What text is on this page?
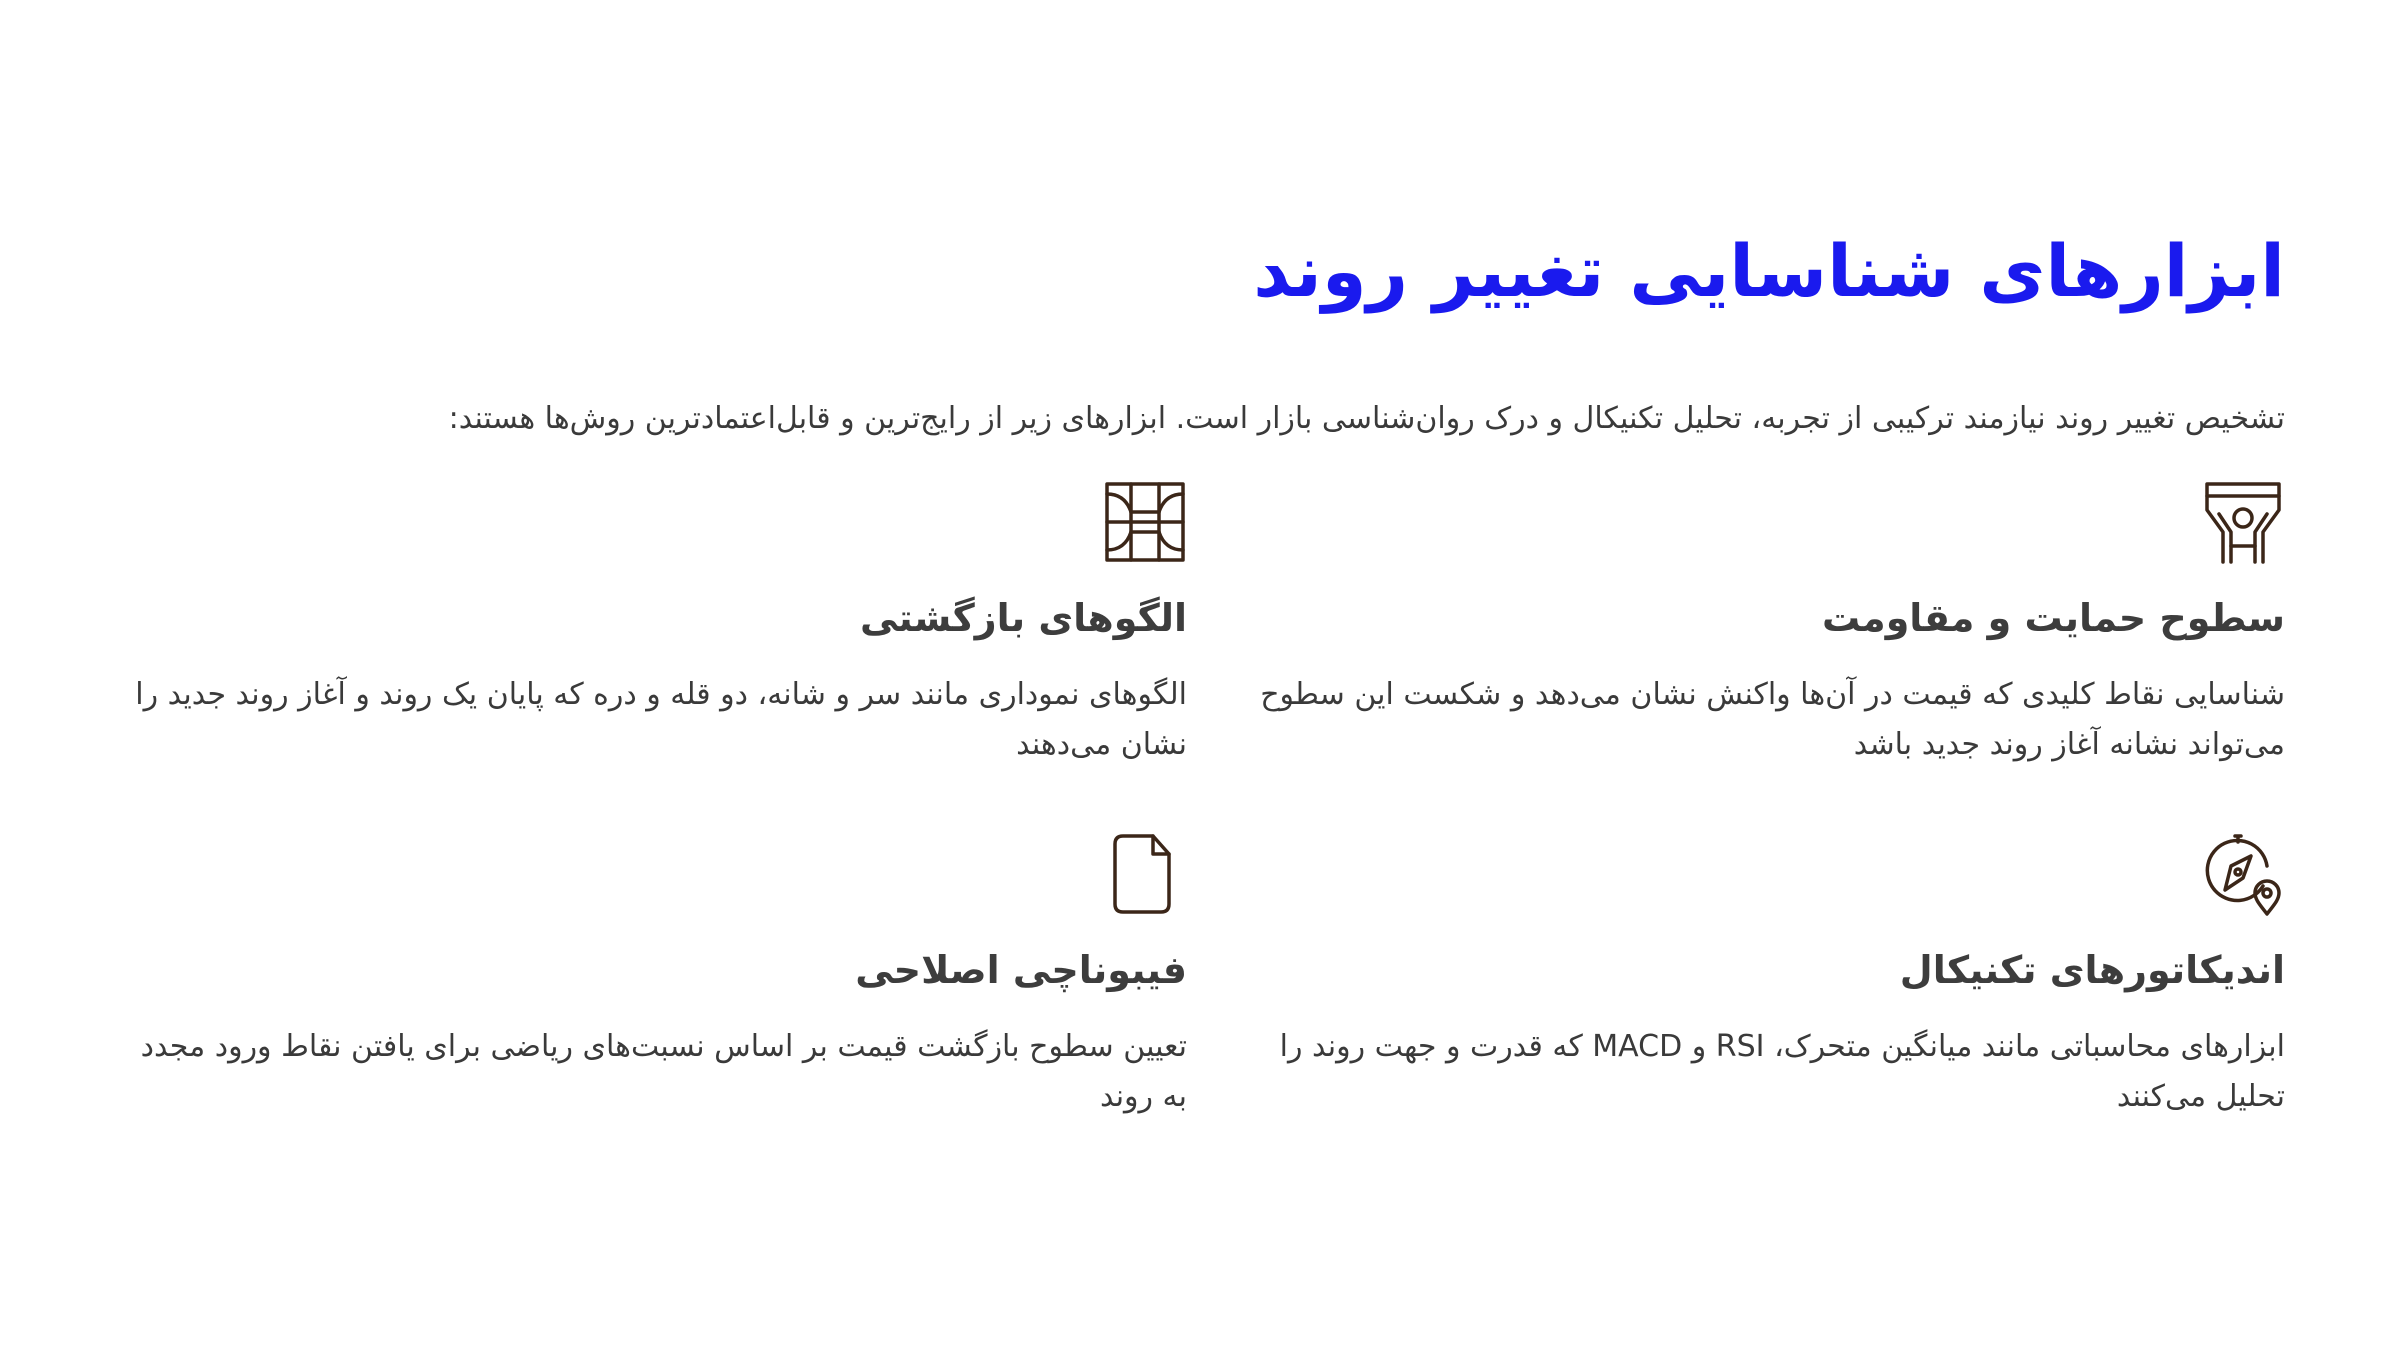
ابزارهای شناسایی تغییر روند

تشخیص تغییر روند نیازمند ترکیبی از تجربه، تحلیل تکنیکال و درک روان‌شناسی بازار است. ابزارهای زیر از رایج‌ترین و قابل‌اعتمادترین روش‌ها هستند:

سطوح حمایت و مقاومت

شناسایی نقاط کلیدی که قیمت در آن‌ها واکنش نشان می‌دهد و شکست این سطوح می‌تواند نشانه آغاز روند جدید باشد

الگوهای بازگشتی

الگوهای نموداری مانند سر و شانه، دو قله و دره که پایان یک روند و آغاز روند جدید را نشان می‌دهند

اندیکاتورهای تکنیکال

ابزارهای محاسباتی مانند میانگین متحرک، RSI و MACD که قدرت و جهت روند را تحلیل می‌کنند

فیبوناچی اصلاحی

تعیین سطوح بازگشت قیمت بر اساس نسبت‌های ریاضی برای یافتن نقاط ورود مجدد به روند
